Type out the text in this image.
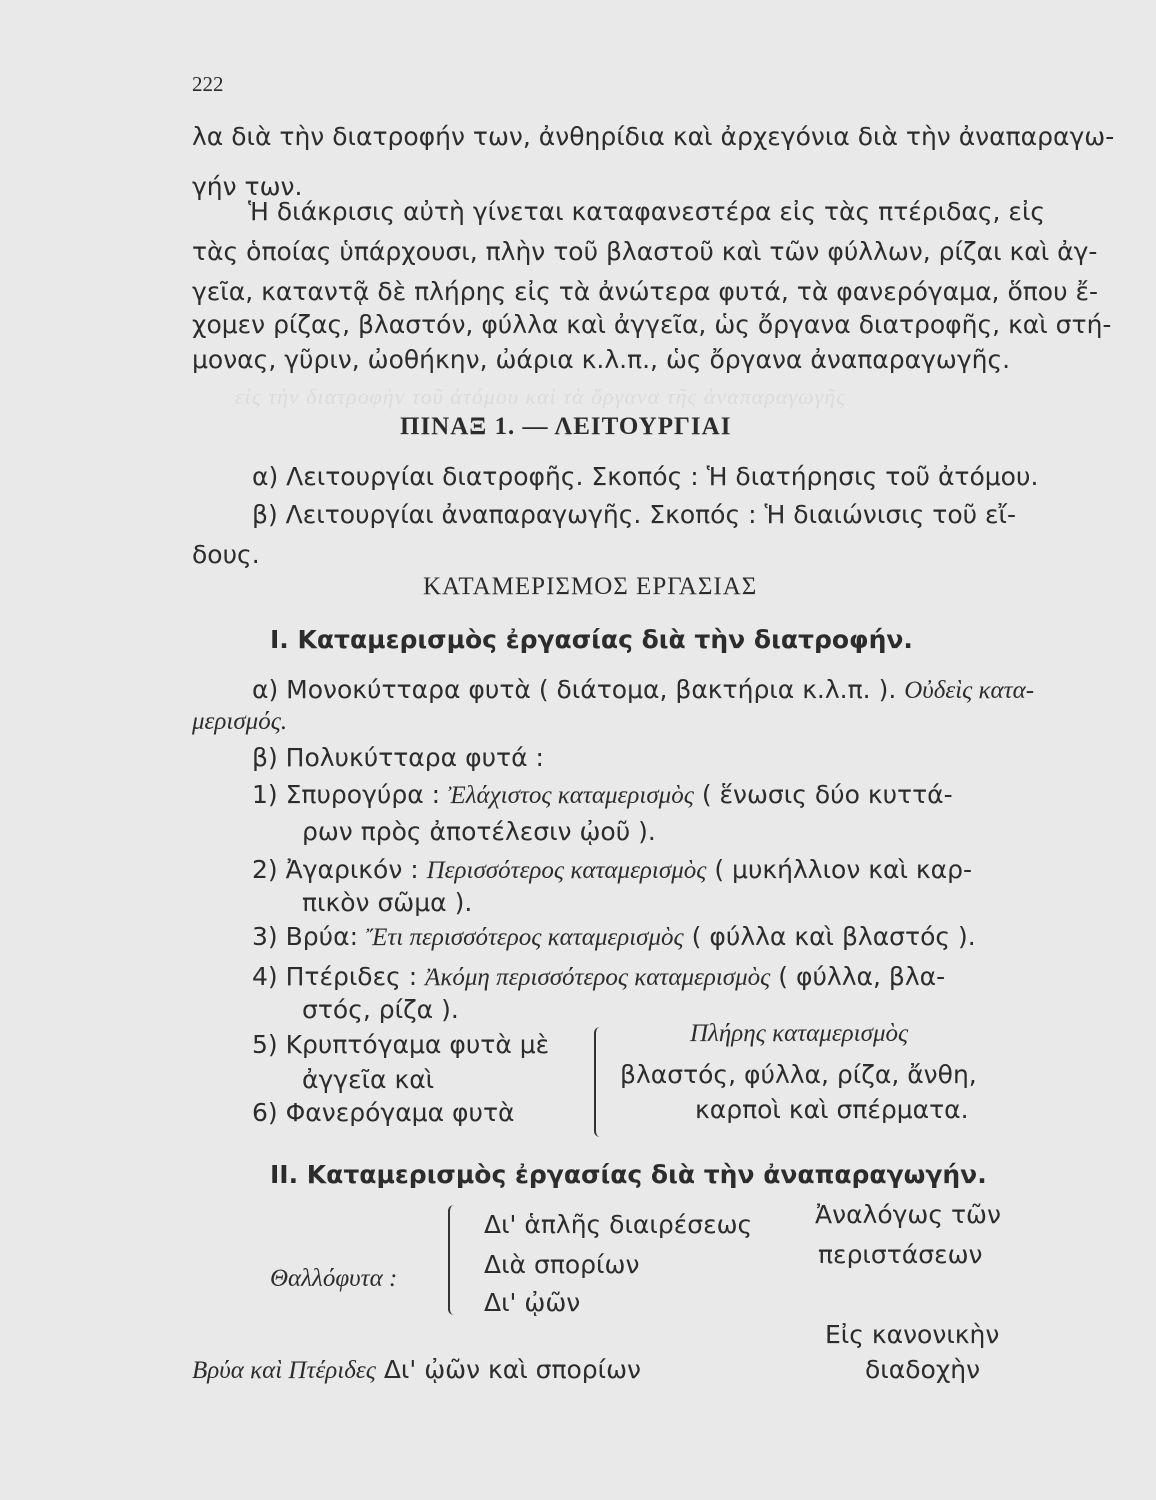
εἰς τὴν διατροφὴν τοῦ ἀτόμου καὶ τὰ ὄργανα τῆς ἀναπαραγωγῆς
222
λα διὰ τὴν διατροφήν των, ἀνθηρίδια καὶ ἀρχεγόνια διὰ τὴν ἀναπαραγω-
γήν των.
Ἡ διάκρισις αὐτὴ γίνεται καταφανεστέρα εἰς τὰς πτέριδας, εἰς
τὰς ὁποίας ὑπάρχουσι, πλὴν τοῦ βλαστοῦ καὶ τῶν φύλλων, ρίζαι καὶ ἀγ-
γεῖα, καταντᾷ δὲ πλήρης εἰς τὰ ἀνώτερα φυτά, τὰ φανερόγαμα, ὅπου ἔ-
χομεν ρίζας, βλαστόν, φύλλα καὶ ἀγγεῖα, ὡς ὄργανα διατροφῆς, καὶ στή-
μονας, γῦριν, ὠοθήκην, ὠάρια κ.λ.π., ὡς ὄργανα ἀναπαραγωγῆς.
ΠΙΝΑΞ 1. — ΛΕΙΤΟΥΡΓΙΑΙ
α) Λειτουργίαι διατροφῆς. Σκοπός : Ἡ διατήρησις τοῦ ἀτόμου.
β) Λειτουργίαι ἀναπαραγωγῆς. Σκοπός : Ἡ διαιώνισις τοῦ εἴ-
δους.
ΚΑΤΑΜΕΡΙΣΜΟΣ ΕΡΓΑΣΙΑΣ
I. Καταμερισμὸς ἐργασίας διὰ τὴν διατροφήν.
α) Μονοκύτταρα φυτὰ ( διάτομα, βακτήρια κ.λ.π. ). Οὐδεὶς κατα-
μερισμός.
β) Πολυκύτταρα φυτά :
1) Σπυρογύρα : Ἐλάχιστος καταμερισμὸς ( ἕνωσις δύο κυττά-
ρων πρὸς ἀποτέλεσιν ᾠοῦ ).
2) Ἀγαρικόν : Περισσότερος καταμερισμὸς ( μυκήλλιον καὶ καρ-
πικὸν σῶμα ).
3) Βρύα: Ἔτι περισσότερος καταμερισμὸς ( φύλλα καὶ βλαστός ).
4) Πτέριδες : Ἀκόμη περισσότερος καταμερισμὸς ( φύλλα, βλα-
στός, ρίζα ).
5) Κρυπτόγαμα φυτὰ μὲ
ἀγγεῖα καὶ
6) Φανερόγαμα φυτὰ
Πλήρης καταμερισμὸς
βλαστός, φύλλα, ρίζα, ἄνθη,
καρποὶ καὶ σπέρματα.
II. Καταμερισμὸς ἐργασίας διὰ τὴν ἀναπαραγωγήν.
Δι' ἁπλῆς διαιρέσεως
Διὰ σπορίων
Δι' ᾠῶν
Θαλλόφυτα :
Ἀναλόγως τῶν
περιστάσεων
Βρύα καὶ Πτέριδες Δι' ᾠῶν καὶ σπορίων
Εἰς κανονικὴν
διαδοχὴν
